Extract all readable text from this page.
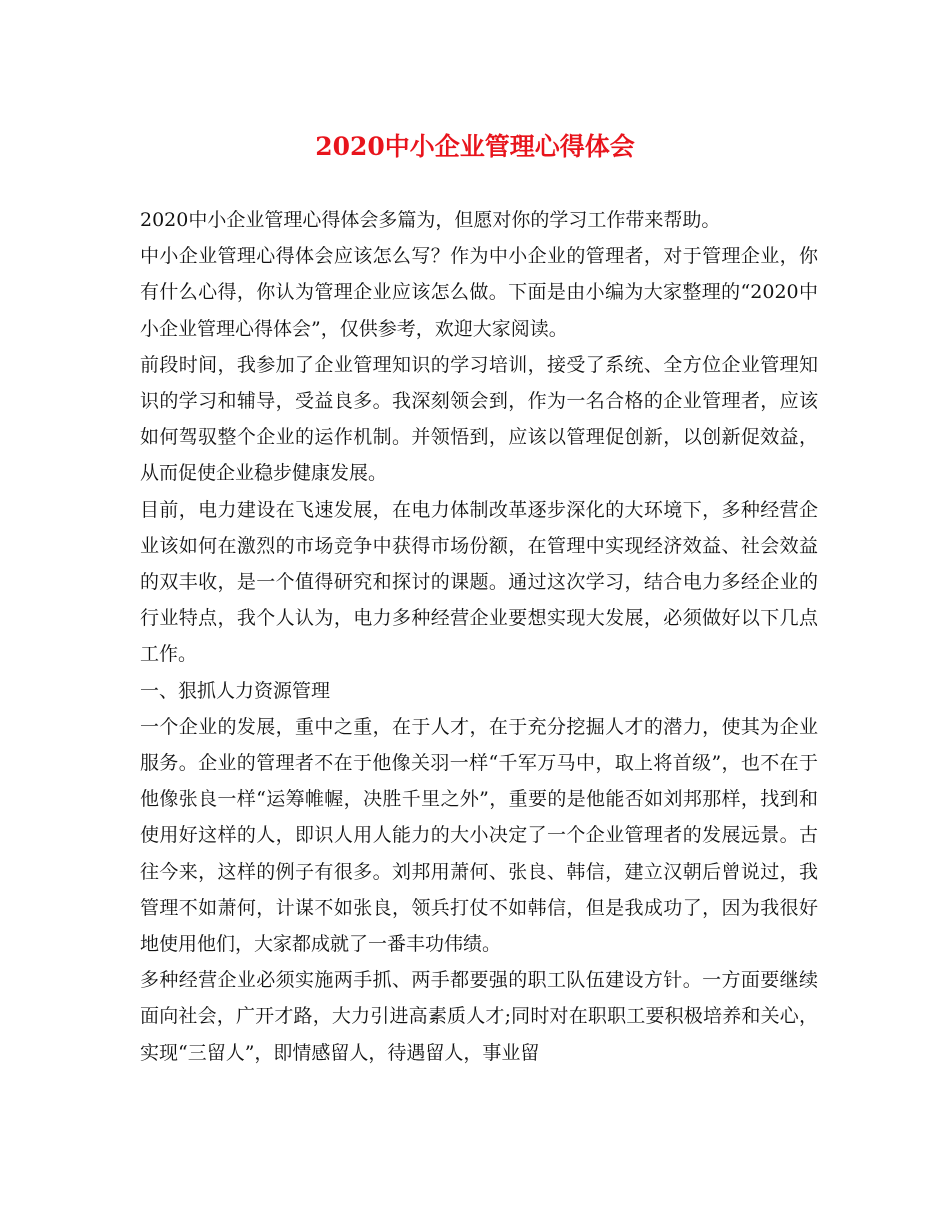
2020中小企业管理心得体会

2020中小企业管理心得体会多篇为，但愿对你的学习工作带来帮助。

中小企业管理心得体会应该怎么写？作为中小企业的管理者，对于管理企业，你有什么心得，你认为管理企业应该怎么做。下面是由小编为大家整理的“2020中小企业管理心得体会”，仅供参考，欢迎大家阅读。

前段时间，我参加了企业管理知识的学习培训，接受了系统、全方位企业管理知识的学习和辅导，受益良多。我深刻领会到，作为一名合格的企业管理者，应该如何驾驭整个企业的运作机制。并领悟到，应该以管理促创新，以创新促效益，从而促使企业稳步健康发展。

目前，电力建设在飞速发展，在电力体制改革逐步深化的大环境下，多种经营企业该如何在激烈的市场竞争中获得市场份额，在管理中实现经济效益、社会效益的双丰收，是一个值得研究和探讨的课题。通过这次学习，结合电力多经企业的行业特点，我个人认为，电力多种经营企业要想实现大发展，必须做好以下几点工作。

一、狠抓人力资源管理

一个企业的发展，重中之重，在于人才，在于充分挖掘人才的潜力，使其为企业服务。企业的管理者不在于他像关羽一样“千军万马中，取上将首级”，也不在于他像张良一样“运筹帷幄，决胜千里之外”，重要的是他能否如刘邦那样，找到和使用好这样的人，即识人用人能力的大小决定了一个企业管理者的发展远景。古往今来，这样的例子有很多。刘邦用萧何、张良、韩信，建立汉朝后曾说过，我管理不如萧何，计谋不如张良，领兵打仗不如韩信，但是我成功了，因为我很好地使用他们，大家都成就了一番丰功伟绩。

多种经营企业必须实施两手抓、两手都要强的职工队伍建设方针。一方面要继续面向社会，广开才路，大力引进高素质人才;同时对在职职工要积极培养和关心，实现“三留人”，即情感留人，待遇留人，事业留
